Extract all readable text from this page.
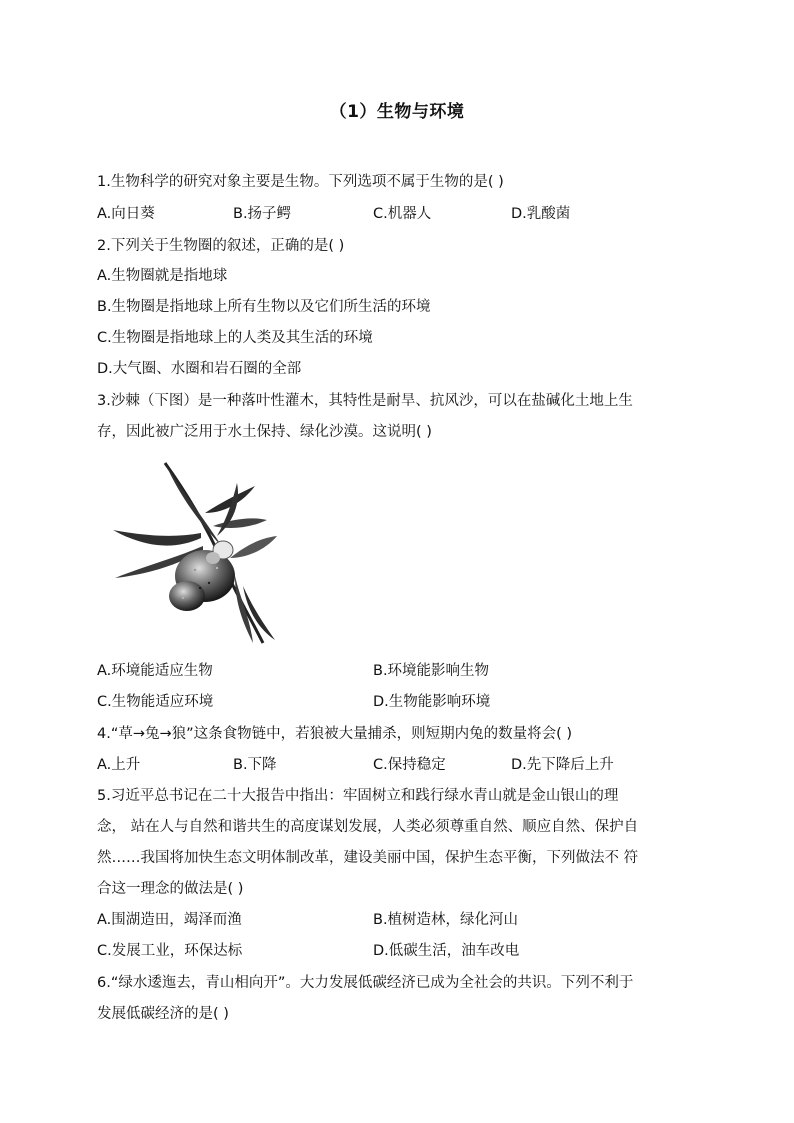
（1）生物与环境
1.生物科学的研究对象主要是生物。下列选项不属于生物的是( )
A.向日葵	B.扬子鳄	C.机器人	D.乳酸菌
2.下列关于生物圈的叙述，正确的是( )
A.生物圈就是指地球
B.生物圈是指地球上所有生物以及它们所生活的环境
C.生物圈是指地球上的人类及其生活的环境
D.大气圈、水圈和岩石圈的全部
3.沙棘（下图）是一种落叶性灌木，其特性是耐旱、抗风沙，可以在盐碱化土地上生
存，因此被广泛用于水土保持、绿化沙漠。这说明( )
A.环境能适应生物	B.环境能影响生物
C.生物能适应环境	D.生物能影响环境
4.“草→兔→狼”这条食物链中，若狼被大量捕杀，则短期内兔的数量将会( )
A.上升	B.下降	C.保持稳定	D.先下降后上升
5.习近平总书记在二十大报告中指出：牢固树立和践行绿水青山就是金山银山的理
念， 站在人与自然和谐共生的高度谋划发展，人类必须尊重自然、顺应自然、保护自
然……我国将加快生态文明体制改革，建设美丽中国，保护生态平衡，下列做法不 符
合这一理念的做法是( )
A.围湖造田，竭泽而渔	B.植树造林，绿化河山
C.发展工业，环保达标	D.低碳生活，油车改电
6.“绿水逶迤去，青山相向开”。大力发展低碳经济已成为全社会的共识。下列不利于
发展低碳经济的是( )
